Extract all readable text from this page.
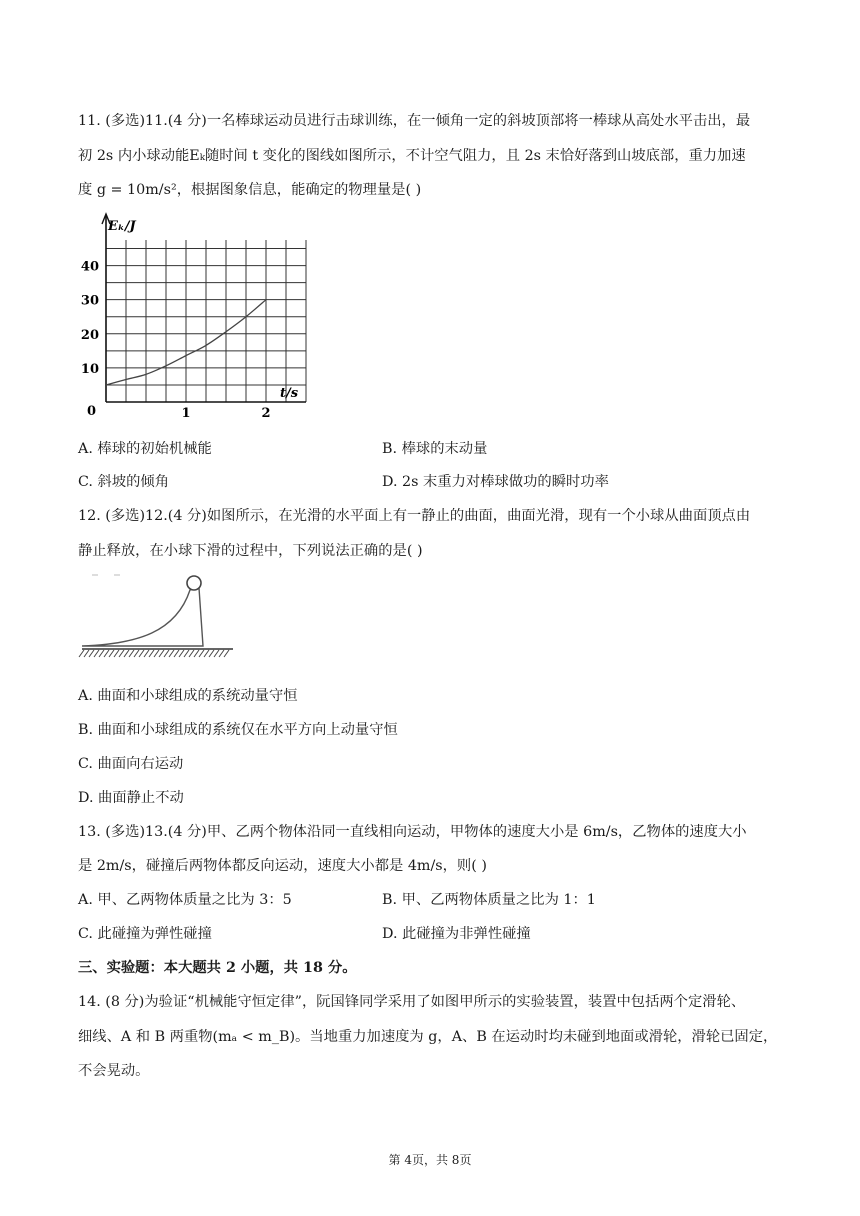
11. (多选)11.(4 分)一名棒球运动员进行击球训练，在一倾角一定的斜坡顶部将一棒球从高处水平击出，最
初 2s 内小球动能Eₖ随时间 t 变化的图线如图所示，不计空气阻力，且 2s 末恰好落到山坡底部，重力加速
度 g = 10m/s²，根据图象信息，能确定的物理量是( )
10
20
30
40
1	2
Eₖ/J
t/s
0
A. 棒球的初始机械能	B. 棒球的末动量
C. 斜坡的倾角	D. 2s 末重力对棒球做功的瞬时功率
12. (多选)12.(4 分)如图所示，在光滑的水平面上有一静止的曲面，曲面光滑，现有一个小球从曲面顶点由
静止释放，在小球下滑的过程中，下列说法正确的是( )
A. 曲面和小球组成的系统动量守恒
B. 曲面和小球组成的系统仅在水平方向上动量守恒
C. 曲面向右运动
D. 曲面静止不动
13. (多选)13.(4 分)甲、乙两个物体沿同一直线相向运动，甲物体的速度大小是 6m/s，乙物体的速度大小
是 2m/s，碰撞后两物体都反向运动，速度大小都是 4m/s，则( )
A. 甲、乙两物体质量之比为 3：5	B. 甲、乙两物体质量之比为 1：1
C. 此碰撞为弹性碰撞	D. 此碰撞为非弹性碰撞
三、实验题：本大题共 2 小题，共 18 分。
14. (8 分)为验证“机械能守恒定律”，阮国锋同学采用了如图甲所示的实验装置，装置中包括两个定滑轮、
细线、A 和 B 两重物(mₐ < m_B)。当地重力加速度为 g，A、B 在运动时均未碰到地面或滑轮，滑轮已固定，
不会晃动。
第 4页，共 8页
